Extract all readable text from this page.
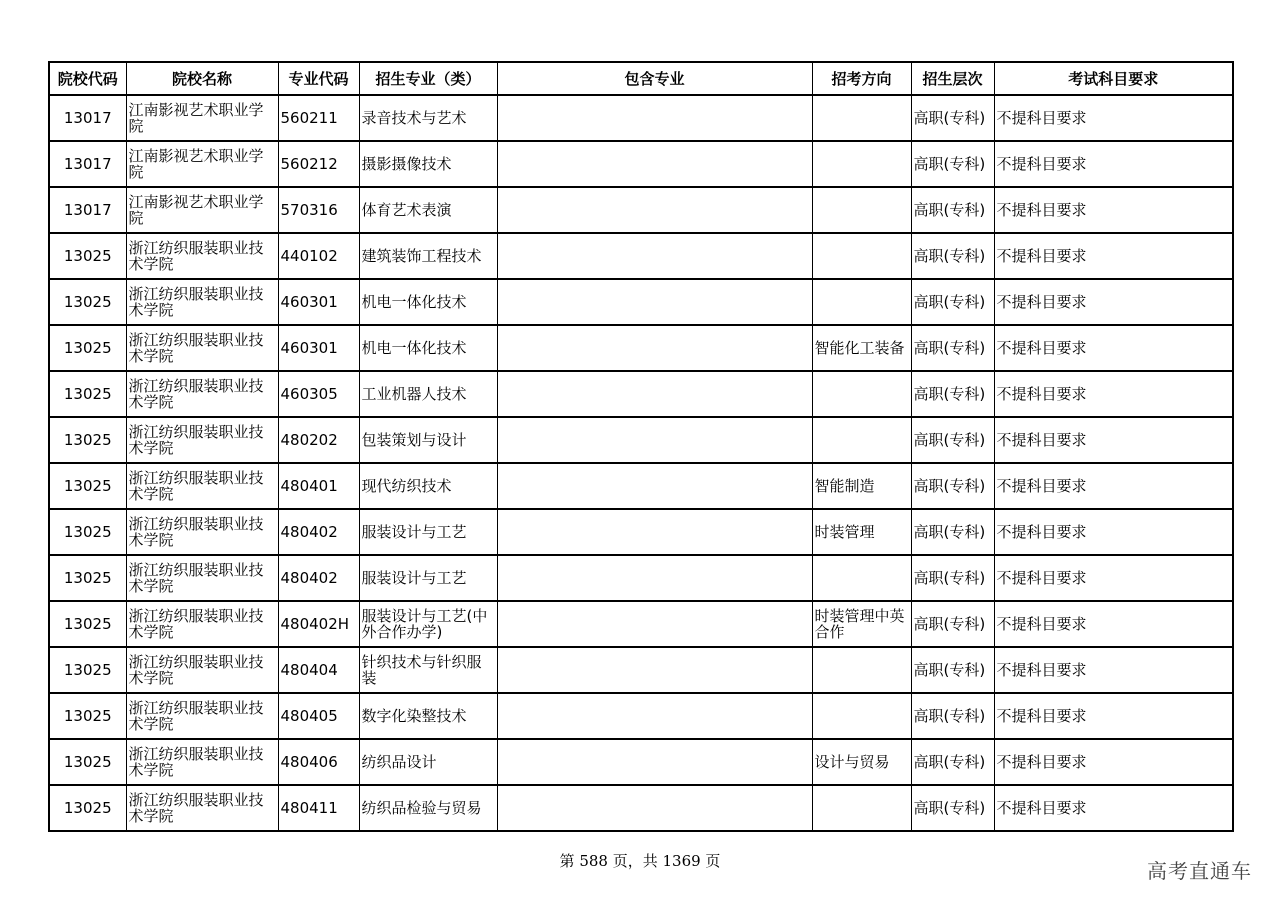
院校代码	院校名称	专业代码	招生专业（类）	包含专业	招考方向	招生层次	考试科目要求
13017	江南影视艺术职业学院	560211	录音技术与艺术			高职(专科)	不提科目要求
13017	江南影视艺术职业学院	560212	摄影摄像技术			高职(专科)	不提科目要求
13017	江南影视艺术职业学院	570316	体育艺术表演			高职(专科)	不提科目要求
13025	浙江纺织服装职业技术学院	440102	建筑装饰工程技术			高职(专科)	不提科目要求
13025	浙江纺织服装职业技术学院	460301	机电一体化技术			高职(专科)	不提科目要求
13025	浙江纺织服装职业技术学院	460301	机电一体化技术		智能化工装备	高职(专科)	不提科目要求
13025	浙江纺织服装职业技术学院	460305	工业机器人技术			高职(专科)	不提科目要求
13025	浙江纺织服装职业技术学院	480202	包装策划与设计			高职(专科)	不提科目要求
13025	浙江纺织服装职业技术学院	480401	现代纺织技术		智能制造	高职(专科)	不提科目要求
13025	浙江纺织服装职业技术学院	480402	服装设计与工艺		时装管理	高职(专科)	不提科目要求
13025	浙江纺织服装职业技术学院	480402	服装设计与工艺			高职(专科)	不提科目要求
13025	浙江纺织服装职业技术学院	480402H	服装设计与工艺(中外合作办学)		时装管理中英合作	高职(专科)	不提科目要求
13025	浙江纺织服装职业技术学院	480404	针织技术与针织服装			高职(专科)	不提科目要求
13025	浙江纺织服装职业技术学院	480405	数字化染整技术			高职(专科)	不提科目要求
13025	浙江纺织服装职业技术学院	480406	纺织品设计		设计与贸易	高职(专科)	不提科目要求
13025	浙江纺织服装职业技术学院	480411	纺织品检验与贸易			高职(专科)	不提科目要求
第 588 页，共 1369 页	高考直通车
